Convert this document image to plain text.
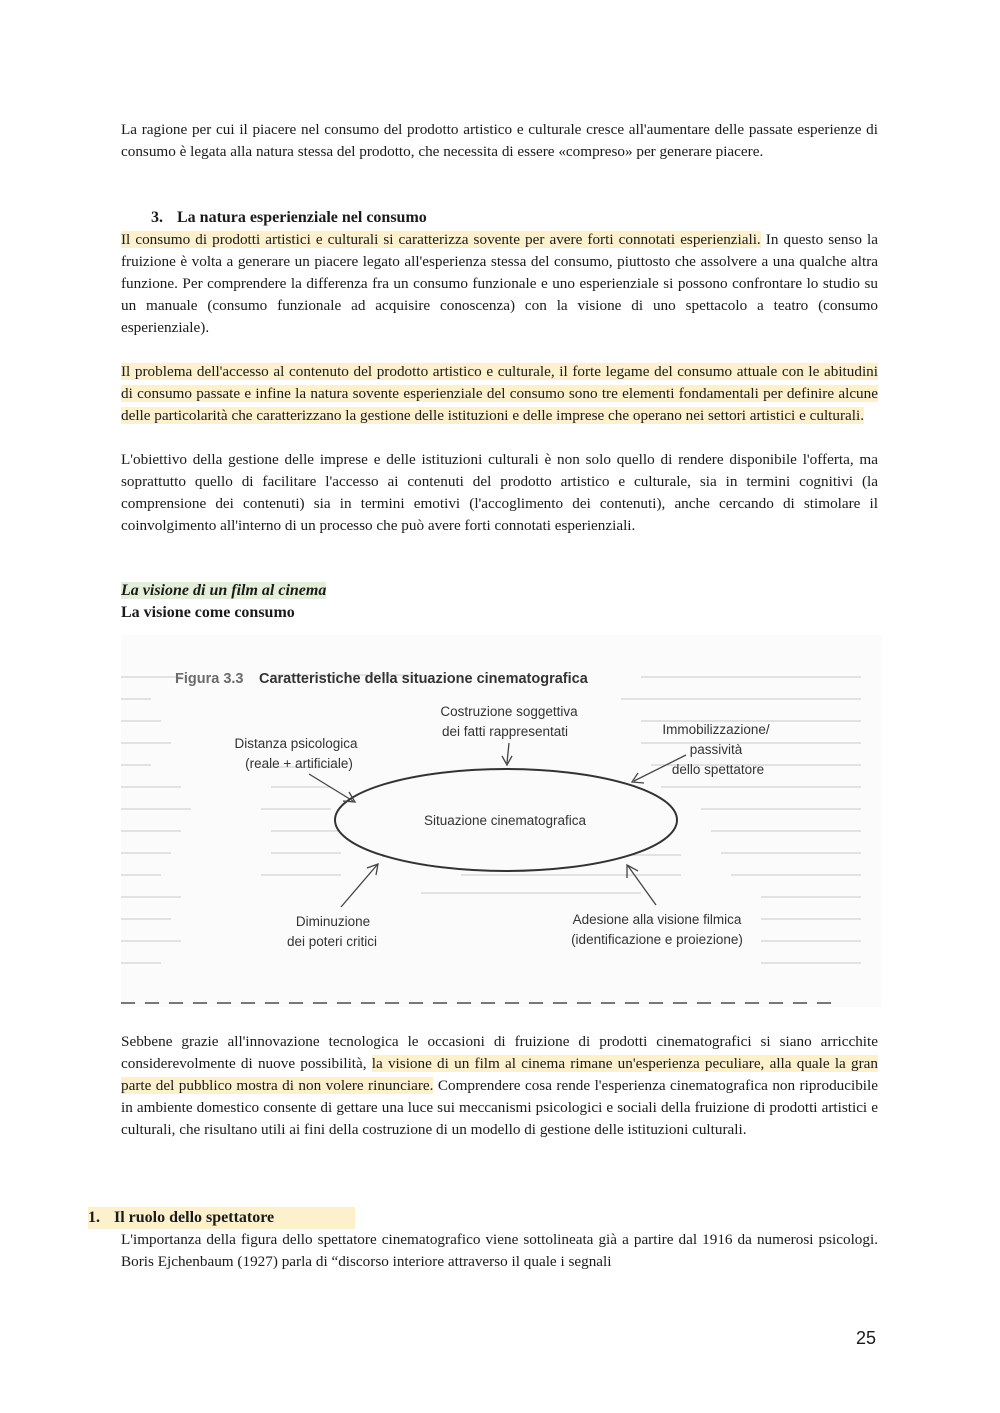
La ragione per cui il piacere nel consumo del prodotto artistico e culturale cresce all'aumentare delle passate esperienze di consumo è legata alla natura stessa del prodotto, che necessita di essere «compreso» per generare piacere.

3. La natura esperienziale nel consumo

Il consumo di prodotti artistici e culturali si caratterizza sovente per avere forti connotati esperienziali. In questo senso la fruizione è volta a generare un piacere legato all'esperienza stessa del consumo, piuttosto che assolvere a una qualche altra funzione. Per comprendere la differenza fra un consumo funzionale e uno esperienziale si possono confrontare lo studio su un manuale (consumo funzionale ad acquisire conoscenza) con la visione di uno spettacolo a teatro (consumo esperienziale).

Il problema dell'accesso al contenuto del prodotto artistico e culturale, il forte legame del consumo attuale con le abitudini di consumo passate e infine la natura sovente esperienziale del consumo sono tre elementi fondamentali per definire alcune delle particolarità che caratterizzano la gestione delle istituzioni e delle imprese che operano nei settori artistici e culturali.

L'obiettivo della gestione delle imprese e delle istituzioni culturali è non solo quello di rendere disponibile l'offerta, ma soprattutto quello di facilitare l'accesso ai contenuti del prodotto artistico e culturale, sia in termini cognitivi (la comprensione dei contenuti) sia in termini emotivi (l'accoglimento dei contenuti), anche cercando di stimolare il coinvolgimento all'interno di un processo che può avere forti connotati esperienziali.

La visione di un film al cinema
La visione come consumo
Figura 3.3 Caratteristiche della situazione cinematografica
Situazione cinematografica
Costruzione soggettiva
dei fatti rappresentati
Distanza psicologica
(reale + artificiale)
Immobilizzazione/
passività
dello spettatore
Diminuzione
dei poteri critici
Adesione alla visione filmica
(identificazione e proiezione)

Sebbene grazie all'innovazione tecnologica le occasioni di fruizione di prodotti cinematografici si siano arricchite considerevolmente di nuove possibilità, la visione di un film al cinema rimane un'esperienza peculiare, alla quale la gran parte del pubblico mostra di non volere rinunciare. Comprendere cosa rende l'esperienza cinematografica non riproducibile in ambiente domestico consente di gettare una luce sui meccanismi psicologici e sociali della fruizione di prodotti artistici e culturali, che risultano utili ai fini della costruzione di un modello di gestione delle istituzioni culturali.

1. Il ruolo dello spettatore

L'importanza della figura dello spettatore cinematografico viene sottolineata già a partire dal 1916 da numerosi psicologi. Boris Ejchenbaum (1927) parla di “discorso interiore attraverso il quale i segnali

25
